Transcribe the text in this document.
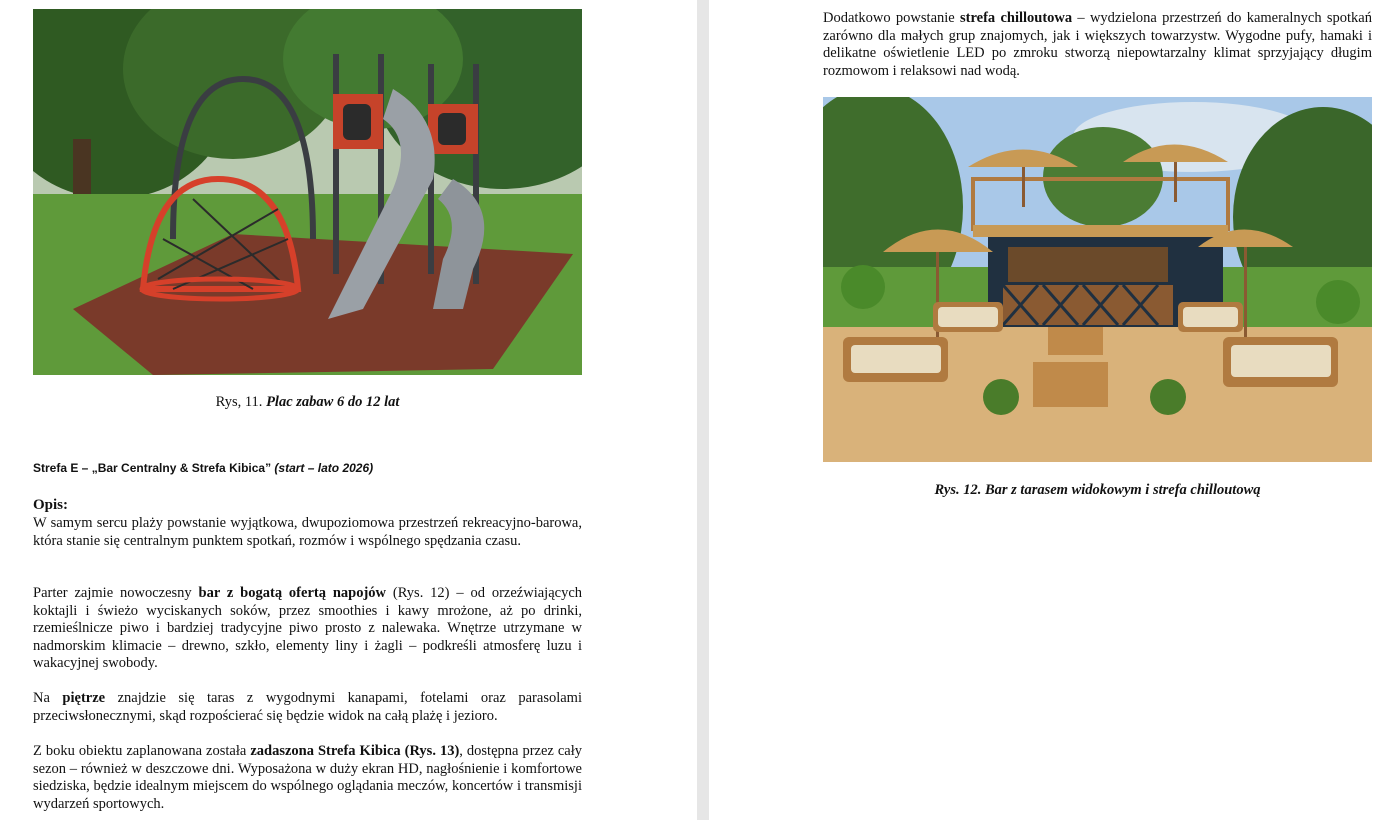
Rys, 11. Plac zabaw 6 do 12 lat
Strefa E – „Bar Centralny & Strefa Kibica” (start – lato 2026)
Opis:

W samym sercu plaży powstanie wyjątkowa, dwupoziomowa przestrzeń rekreacyjno-barowa, która stanie się centralnym punktem spotkań, rozmów i wspólnego spędzania czasu.

Parter zajmie nowoczesny bar z bogatą ofertą napojów (Rys. 12) – od orzeźwiających koktajli i świeżo wyciskanych soków, przez smoothies i kawy mrożone, aż po drinki, rzemieślnicze piwo i bardziej tradycyjne piwo prosto z nalewaka. Wnętrze utrzymane w nadmorskim klimacie – drewno, szkło, elementy liny i żagli – podkreśli atmosferę luzu i wakacyjnej swobody.

Na piętrze znajdzie się taras z wygodnymi kanapami, fotelami oraz parasolami przeciwsłonecznymi, skąd rozpościerać się będzie widok na całą plażę i jezioro.

Z boku obiektu zaplanowana została zadaszona Strefa Kibica (Rys. 13), dostępna przez cały sezon – również w deszczowe dni. Wyposażona w duży ekran HD, nagłośnienie i komfortowe siedziska, będzie idealnym miejscem do wspólnego oglądania meczów, koncertów i transmisji wydarzeń sportowych.

Dodatkowo powstanie strefa chilloutowa – wydzielona przestrzeń do kameralnych spotkań zarówno dla małych grup znajomych, jak i większych towarzystw. Wygodne pufy, hamaki i delikatne oświetlenie LED po zmroku stworzą niepowtarzalny klimat sprzyjający długim rozmowom i relaksowi nad wodą.

Rys. 12. Bar z tarasem widokowym i strefa chilloutową
